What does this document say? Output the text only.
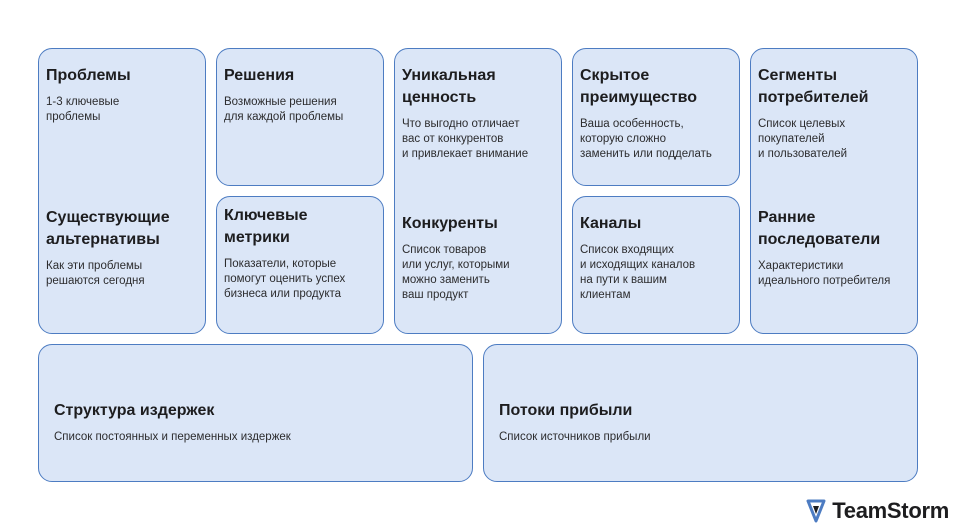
Проблемы

1-3 ключевые
проблемы

Существующие
альтернативы

Как эти проблемы
решаются сегодня

Решения

Возможные решения
для каждой проблемы

Ключевые
метрики

Показатели, которые
помогут оценить успех
бизнеса или продукта

Уникальная
ценность

Что выгодно отличает
вас от конкурентов
и привлекает внимание

Конкуренты

Список товаров
или услуг, которыми
можно заменить
ваш продукт

Скрытое
преимущество

Ваша особенность,
которую сложно
заменить или подделать

Каналы

Список входящих
и исходящих каналов
на пути к вашим
клиентам

Сегменты
потребителей

Список целевых
покупателей
и пользователей

Ранние
последователи

Характеристики
идеального потребителя

Структура издержек

Список постоянных и переменных издержек

Потоки прибыли

Список источников прибыли

TeamStorm
